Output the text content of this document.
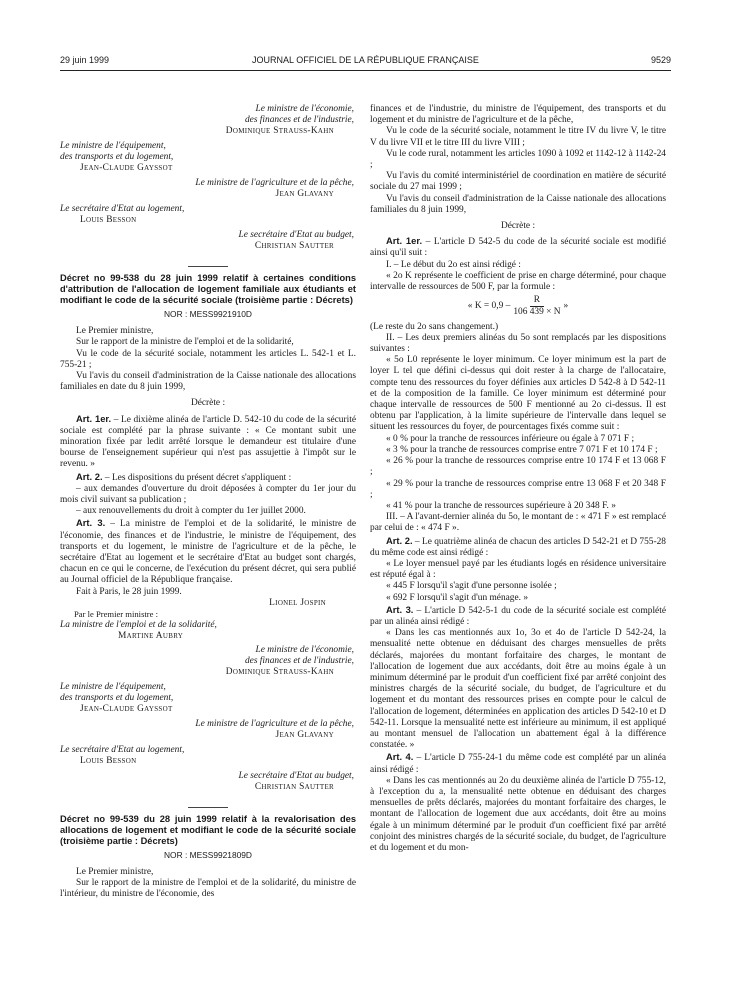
29 juin 1999	JOURNAL OFFICIEL DE LA RÉPUBLIQUE FRANÇAISE	9529
Le ministre de l'économie,
des finances et de l'industrie,
Dominique Strauss-Kahn
Le ministre de l'équipement,
des transports et du logement,
Jean-Claude Gayssot
Le ministre de l'agriculture et de la pêche,
Jean Glavany
Le secrétaire d'Etat au logement,
Louis Besson
Le secrétaire d'Etat au budget,
Christian Sautter

Décret no 99-538 du 28 juin 1999 relatif à certaines conditions d'attribution de l'allocation de logement familiale aux étudiants et modifiant le code de la sécurité sociale (troisième partie : Décrets)

NOR : MESS9921910D

Le Premier ministre,

Sur le rapport de la ministre de l'emploi et de la solidarité,

Vu le code de la sécurité sociale, notamment les articles L. 542-1 et L. 755-21 ;

Vu l'avis du conseil d'administration de la Caisse nationale des allocations familiales en date du 8 juin 1999,

Décrète :

Art. 1er. – Le dixième alinéa de l'article D. 542-10 du code de la sécurité sociale est complété par la phrase suivante : « Ce montant subit une minoration fixée par ledit arrêté lorsque le demandeur est titulaire d'une bourse de l'enseignement supérieur qui n'est pas assujettie à l'impôt sur le revenu. »

Art. 2. – Les dispositions du présent décret s'appliquent :

– aux demandes d'ouverture du droit déposées à compter du 1er jour du mois civil suivant sa publication ;

– aux renouvellements du droit à compter du 1er juillet 2000.

Art. 3. – La ministre de l'emploi et de la solidarité, le ministre de l'économie, des finances et de l'industrie, le ministre de l'équipement, des transports et du logement, le ministre de l'agriculture et de la pêche, le secrétaire d'Etat au logement et le secrétaire d'Etat au budget sont chargés, chacun en ce qui le concerne, de l'exécution du présent décret, qui sera publié au Journal officiel de la République française.

Fait à Paris, le 28 juin 1999.

Lionel Jospin
Par le Premier ministre :
La ministre de l'emploi et de la solidarité,
Martine Aubry
Le ministre de l'économie,
des finances et de l'industrie,
Dominique Strauss-Kahn
Le ministre de l'équipement,
des transports et du logement,
Jean-Claude Gayssot
Le ministre de l'agriculture et de la pêche,
Jean Glavany
Le secrétaire d'Etat au logement,
Louis Besson
Le secrétaire d'Etat au budget,
Christian Sautter

Décret no 99-539 du 28 juin 1999 relatif à la revalorisation des allocations de logement et modifiant le code de la sécurité sociale (troisième partie : Décrets)

NOR : MESS9921809D

Le Premier ministre,

Sur le rapport de la ministre de l'emploi et de la solidarité, du ministre de l'intérieur, du ministre de l'économie, des

finances et de l'industrie, du ministre de l'équipement, des transports et du logement et du ministre de l'agriculture et de la pêche,

Vu le code de la sécurité sociale, notamment le titre IV du livre V, le titre V du livre VII et le titre III du livre VIII ;

Vu le code rural, notamment les articles 1090 à 1092 et 1142-12 à 1142-24 ;

Vu l'avis du comité interministériel de coordination en matière de sécurité sociale du 27 mai 1999 ;

Vu l'avis du conseil d'administration de la Caisse nationale des allocations familiales du 8 juin 1999,

Décrète :

Art. 1er. – L'article D 542-5 du code de la sécurité sociale est modifié ainsi qu'il suit :

I. – Le début du 2o est ainsi rédigé :

« 2o K représente le coefficient de prise en charge déterminé, pour chaque intervalle de ressources de 500 F, par la formule :

« $K = 0,9 - \frac{R}{106 439 \times N}$ »

(Le reste du 2o sans changement.)

II. – Les deux premiers alinéas du 5o sont remplacés par les dispositions suivantes :

« 5o L0 représente le loyer minimum. Ce loyer minimum est la part de loyer L tel que défini ci-dessus qui doit rester à la charge de l'allocataire, compte tenu des ressources du foyer définies aux articles D 542-8 à D 542-11 et de la composition de la famille. Ce loyer minimum est déterminé pour chaque intervalle de ressources de 500 F mentionné au 2o ci-dessus. Il est obtenu par l'application, à la limite supérieure de l'intervalle dans lequel se situent les ressources du foyer, de pourcentages fixés comme suit :

« 0 % pour la tranche de ressources inférieure ou égale à 7 071 F ;

« 3 % pour la tranche de ressources comprise entre 7 071 F et 10 174 F ;

« 26 % pour la tranche de ressources comprise entre 10 174 F et 13 068 F ;

« 29 % pour la tranche de ressources comprise entre 13 068 F et 20 348 F ;

« 41 % pour la tranche de ressources supérieure à 20 348 F. »

III. – A l'avant-dernier alinéa du 5o, le montant de : « 471 F » est remplacé par celui de : « 474 F ».

Art. 2. – Le quatrième alinéa de chacun des articles D 542-21 et D 755-28 du même code est ainsi rédigé :

« Le loyer mensuel payé par les étudiants logés en résidence universitaire est réputé égal à :

« 445 F lorsqu'il s'agit d'une personne isolée ;

« 692 F lorsqu'il s'agit d'un ménage. »

Art. 3. – L'article D 542-5-1 du code de la sécurité sociale est complété par un alinéa ainsi rédigé :

« Dans les cas mentionnés aux 1o, 3o et 4o de l'article D 542-24, la mensualité nette obtenue en déduisant des charges mensuelles de prêts déclarés, majorées du montant forfaitaire des charges, le montant de l'allocation de logement due aux accédants, doit être au moins égale à un minimum déterminé par le produit d'un coefficient fixé par arrêté conjoint des ministres chargés de la sécurité sociale, du budget, de l'agriculture et du logement et du montant des ressources prises en compte pour le calcul de l'allocation de logement, déterminées en application des articles D 542-10 et D 542-11. Lorsque la mensualité nette est inférieure au minimum, il est appliqué au montant mensuel de l'allocation un abattement égal à la différence constatée. »

Art. 4. – L'article D 755-24-1 du même code est complété par un alinéa ainsi rédigé :

« Dans les cas mentionnés au 2o du deuxième alinéa de l'article D 755-12, à l'exception du a, la mensualité nette obtenue en déduisant des charges mensuelles de prêts déclarés, majorées du montant forfaitaire des charges, le montant de l'allocation de logement due aux accédants, doit être au moins égale à un minimum déterminé par le produit d'un coefficient fixé par arrêté conjoint des ministres chargés de la sécurité sociale, du budget, de l'agriculture et du logement et du mon-
